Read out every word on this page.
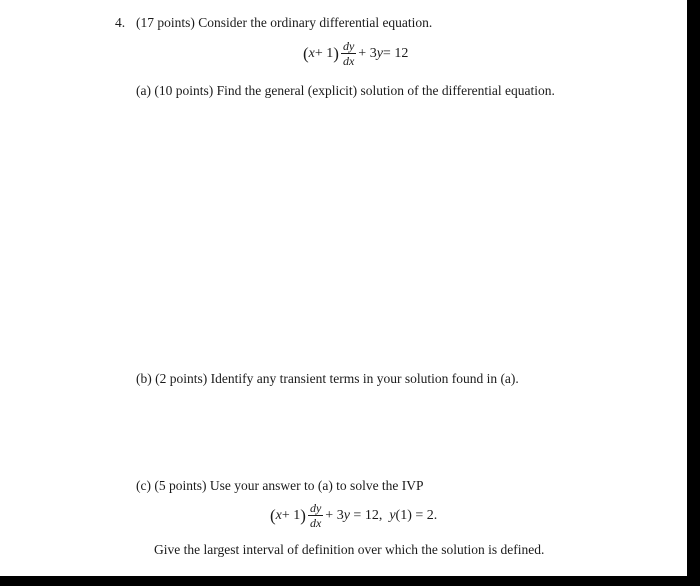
4. (17 points) Consider the ordinary differential equation.
( x + 1 ) $\frac{dy}{dx} + 3$ y = 12
(a) (10 points) Find the general (explicit) solution of the differential equation.
(b) (2 points) Identify any transient terms in your solution found in (a).
(c) (5 points) Use your answer to (a) to solve the IVP
( x + 1 ) $\frac{dy}{dx} + 3$ y = 12, y (1) = 2.
Give the largest interval of definition over which the solution is defined.
